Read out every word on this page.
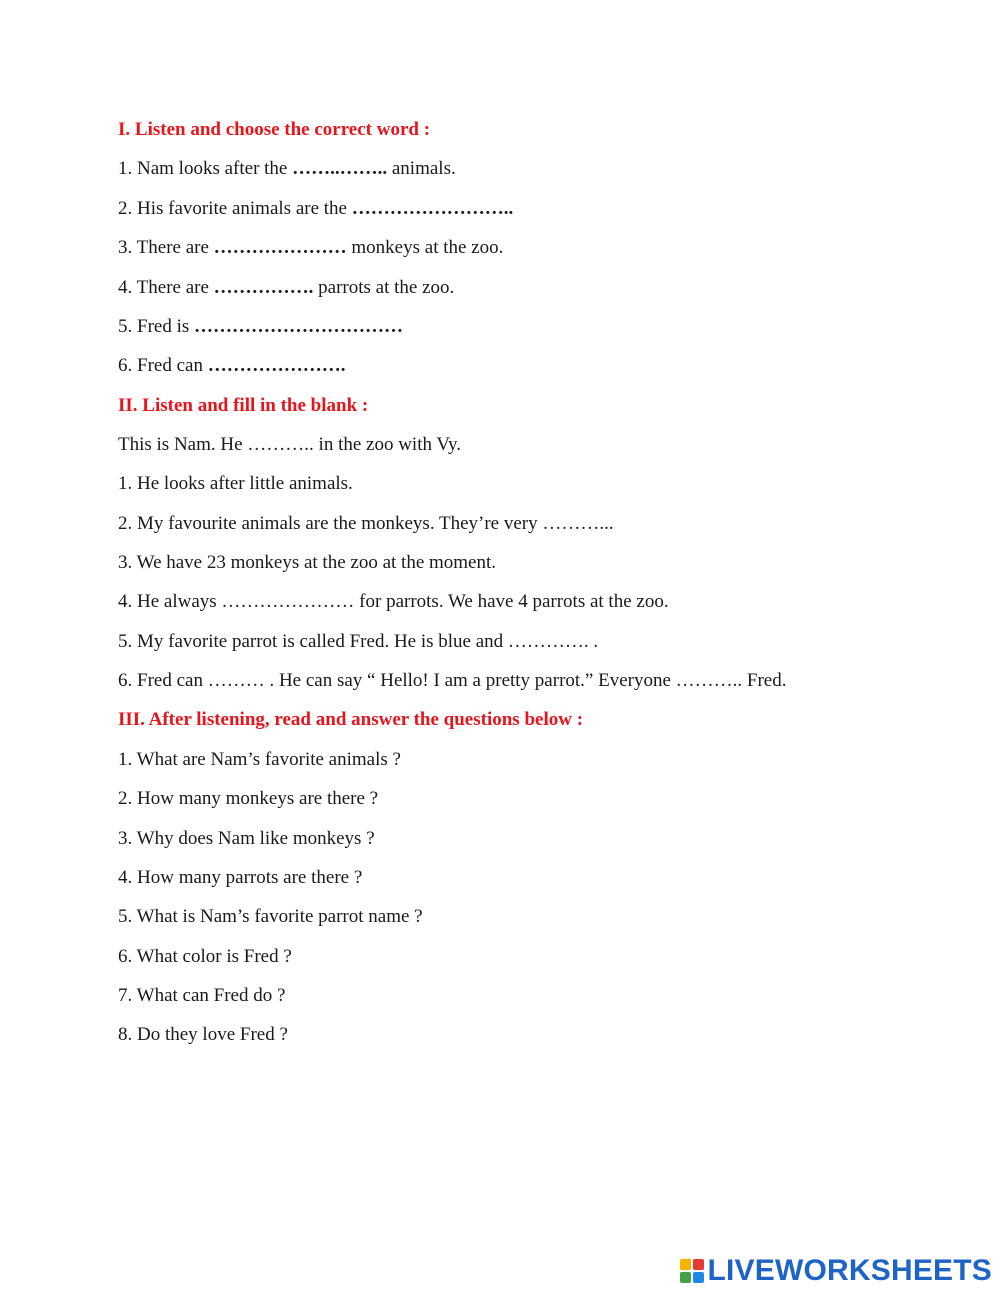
I. Listen and choose the correct word :

1. Nam looks after the ……..…….. animals.

2. His favorite animals are the ……………………..

3. There are ………………… monkeys at the zoo.

4. There are ……………. parrots at the zoo.

5. Fred is ……………………………

6. Fred can ………………….

II. Listen and fill in the blank :

This is Nam. He ……….. in the zoo with Vy.

1. He looks after little animals.

2. My favourite animals are the monkeys. They’re very ………...

3. We have 23 monkeys at the zoo at the moment.

4. He always ………………… for parrots. We have 4 parrots at the zoo.

5. My favorite parrot is called Fred. He is blue and …………. .

6. Fred can ……… . He can say “ Hello! I am a pretty parrot.” Everyone ……….. Fred.

III. After listening, read and answer the questions below :

1. What are Nam’s favorite animals ?

2. How many monkeys are there ?

3. Why does Nam like monkeys ?

4. How many parrots are there ?

5. What is Nam’s favorite parrot name ?

6. What color is Fred ?

7. What can Fred do ?

8. Do they love Fred ?

LIVEWORKSHEETS
